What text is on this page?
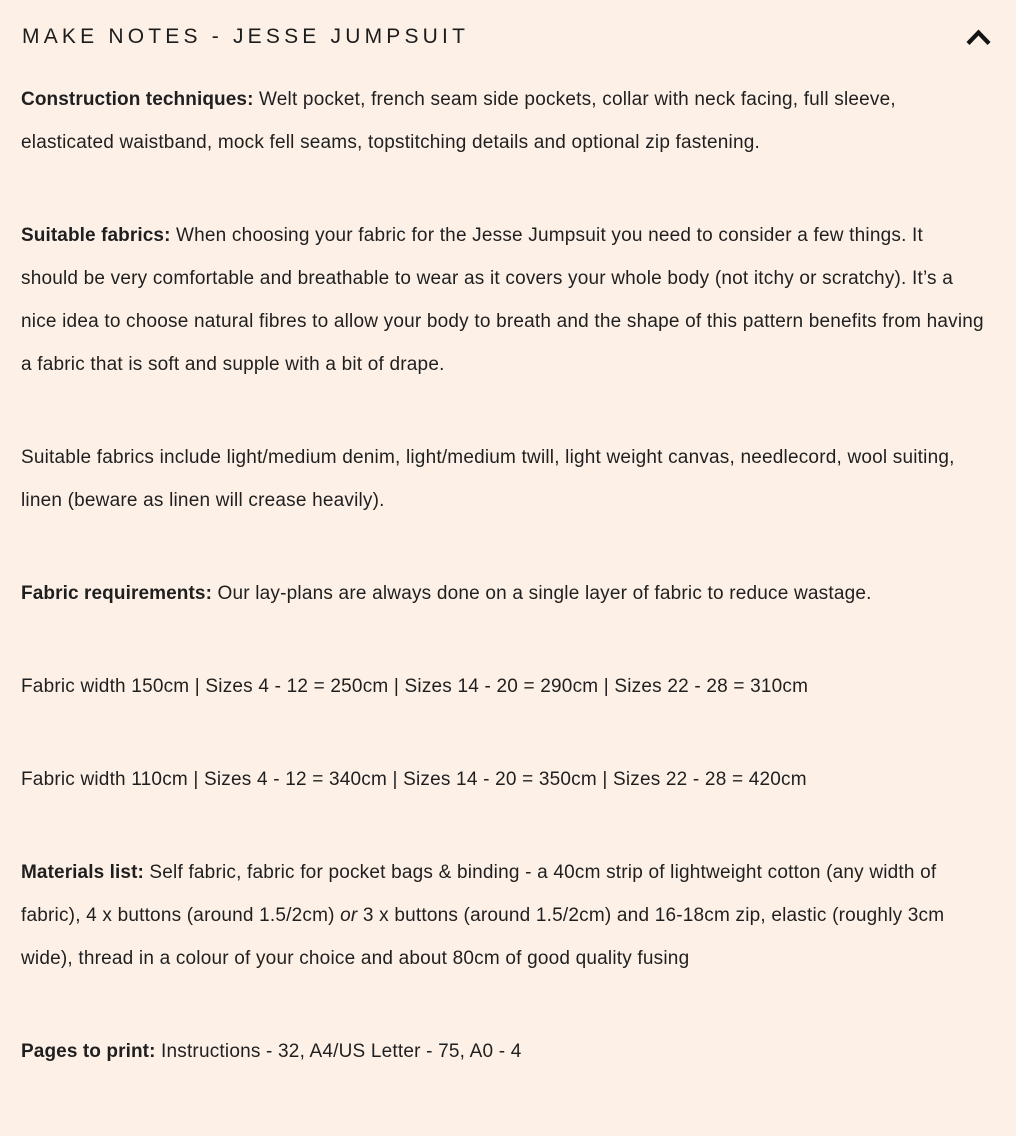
MAKE NOTES - JESSE JUMPSUIT

Construction techniques: Welt pocket, french seam side pockets, collar with neck facing, full sleeve, elasticated waistband, mock fell seams, topstitching details and optional zip fastening.

Suitable fabrics: When choosing your fabric for the Jesse Jumpsuit you need to consider a few things. It should be very comfortable and breathable to wear as it covers your whole body (not itchy or scratchy). It’s a nice idea to choose natural fibres to allow your body to breath and the shape of this pattern benefits from having a fabric that is soft and supple with a bit of drape.

Suitable fabrics include light/medium denim, light/medium twill, light weight canvas, needlecord, wool suiting, linen (beware as linen will crease heavily).

Fabric requirements: Our lay-plans are always done on a single layer of fabric to reduce wastage.

Fabric width 150cm | Sizes 4 - 12 = 250cm | Sizes 14 - 20 = 290cm | Sizes 22 - 28 = 310cm

Fabric width 110cm | Sizes 4 - 12 = 340cm | Sizes 14 - 20 = 350cm | Sizes 22 - 28 = 420cm

Materials list: Self fabric, fabric for pocket bags & binding - a 40cm strip of lightweight cotton (any width of fabric), 4 x buttons (around 1.5/2cm) or 3 x buttons (around 1.5/2cm) and 16-18cm zip, elastic (roughly 3cm wide), thread in a colour of your choice and about 80cm of good quality fusing

Pages to print: Instructions - 32, A4/US Letter - 75, A0 - 4
